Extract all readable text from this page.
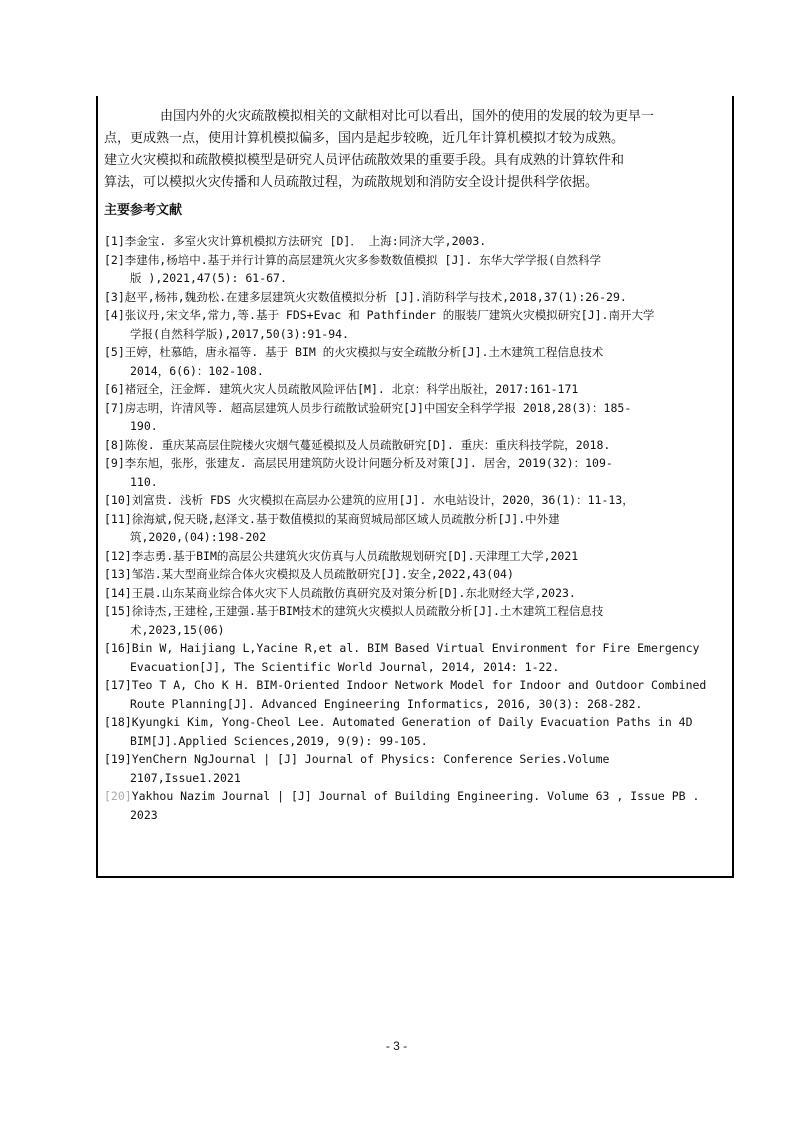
由国内外的火灾疏散模拟相关的文献相对比可以看出，国外的使用的发展的较为更早一
点，更成熟一点，使用计算机模拟偏多，国内是起步较晚，近几年计算机模拟才较为成熟。
建立火灾模拟和疏散模拟模型是研究人员评估疏散效果的重要手段。具有成熟的计算软件和
算法，可以模拟火灾传播和人员疏散过程，为疏散规划和消防安全设计提供科学依据。
主要参考文献
[1]李金宝. 多室火灾计算机模拟方法研究 [D]． 上海:同济大学,2003.
[2]李建伟,杨培中.基于并行计算的高层建筑火灾多参数数值模拟 [J]. 东华大学学报(自然科学
版 ),2021,47(5): 61-67.
[3]赵平,杨祎,魏劲松.在建多层建筑火灾数值模拟分析 [J].消防科学与技术,2018,37(1):26-29.
[4]张议丹,宋文华,常力,等.基于 FDS+Evac 和 Pathfinder 的服装厂建筑火灾模拟研究[J].南开大学
学报(自然科学版),2017,50(3):91-94.
[5]王婷，杜慕皓，唐永福等. 基于 BIM 的火灾模拟与安全疏散分析[J].土木建筑工程信息技术
2014，6(6)：102-108.
[6]褚冠全，汪金辉. 建筑火灾人员疏散风险评估[M]. 北京：科学出版社，2017:161-171
[7]房志明，许清风等. 超高层建筑人员步行疏散试验研究[J]中国安全科学学报 2018,28(3)：185-
190.
[8]陈俊. 重庆某高层住院楼火灾烟气蔓延模拟及人员疏散研究[D]. 重庆：重庆科技学院，2018.
[9]李东旭，张彤，张建友. 高层民用建筑防火设计问题分析及对策[J]. 居舍，2019(32)：109-
110.
[10]刘富贵. 浅析 FDS 火灾模拟在高层办公建筑的应用[J]. 水电站设计，2020，36(1)：11-13，
[11]徐海斌,倪天晓,赵泽文.基于数值模拟的某商贸城局部区域人员疏散分析[J].中外建
筑,2020,(04):198-202
[12]李志勇.基于BIM的高层公共建筑火灾仿真与人员疏散规划研究[D].天津理工大学,2021
[13]邹浩.某大型商业综合体火灾模拟及人员疏散研究[J].安全,2022,43(04)
[14]王晨.山东某商业综合体火灾下人员疏散仿真研究及对策分析[D].东北财经大学,2023.
[15]徐诗杰,王建栓,王建强.基于BIM技术的建筑火灾模拟人员疏散分析[J].土木建筑工程信息技
术,2023,15(06)
[16]Bin W, Haijiang L,Yacine R,et al. BIM Based Virtual Environment for Fire Emergency
Evacuation[J], The Scientific World Journal, 2014, 2014: 1-22.
[17]Teo T A, Cho K H. BIM-Oriented Indoor Network Model for Indoor and Outdoor Combined
Route Planning[J]. Advanced Engineering Informatics, 2016, 30(3): 268-282.
[18]Kyungki Kim, Yong-Cheol Lee. Automated Generation of Daily Evacuation Paths in 4D
BIM[J].Applied Sciences,2019, 9(9): 99-105.
[19]YenChern NgJournal | [J] Journal of Physics: Conference Series.Volume
2107,Issue1.2021
[20]Yakhou Nazim Journal | [J] Journal of Building Engineering. Volume 63 , Issue PB .
2023
- 3 -
